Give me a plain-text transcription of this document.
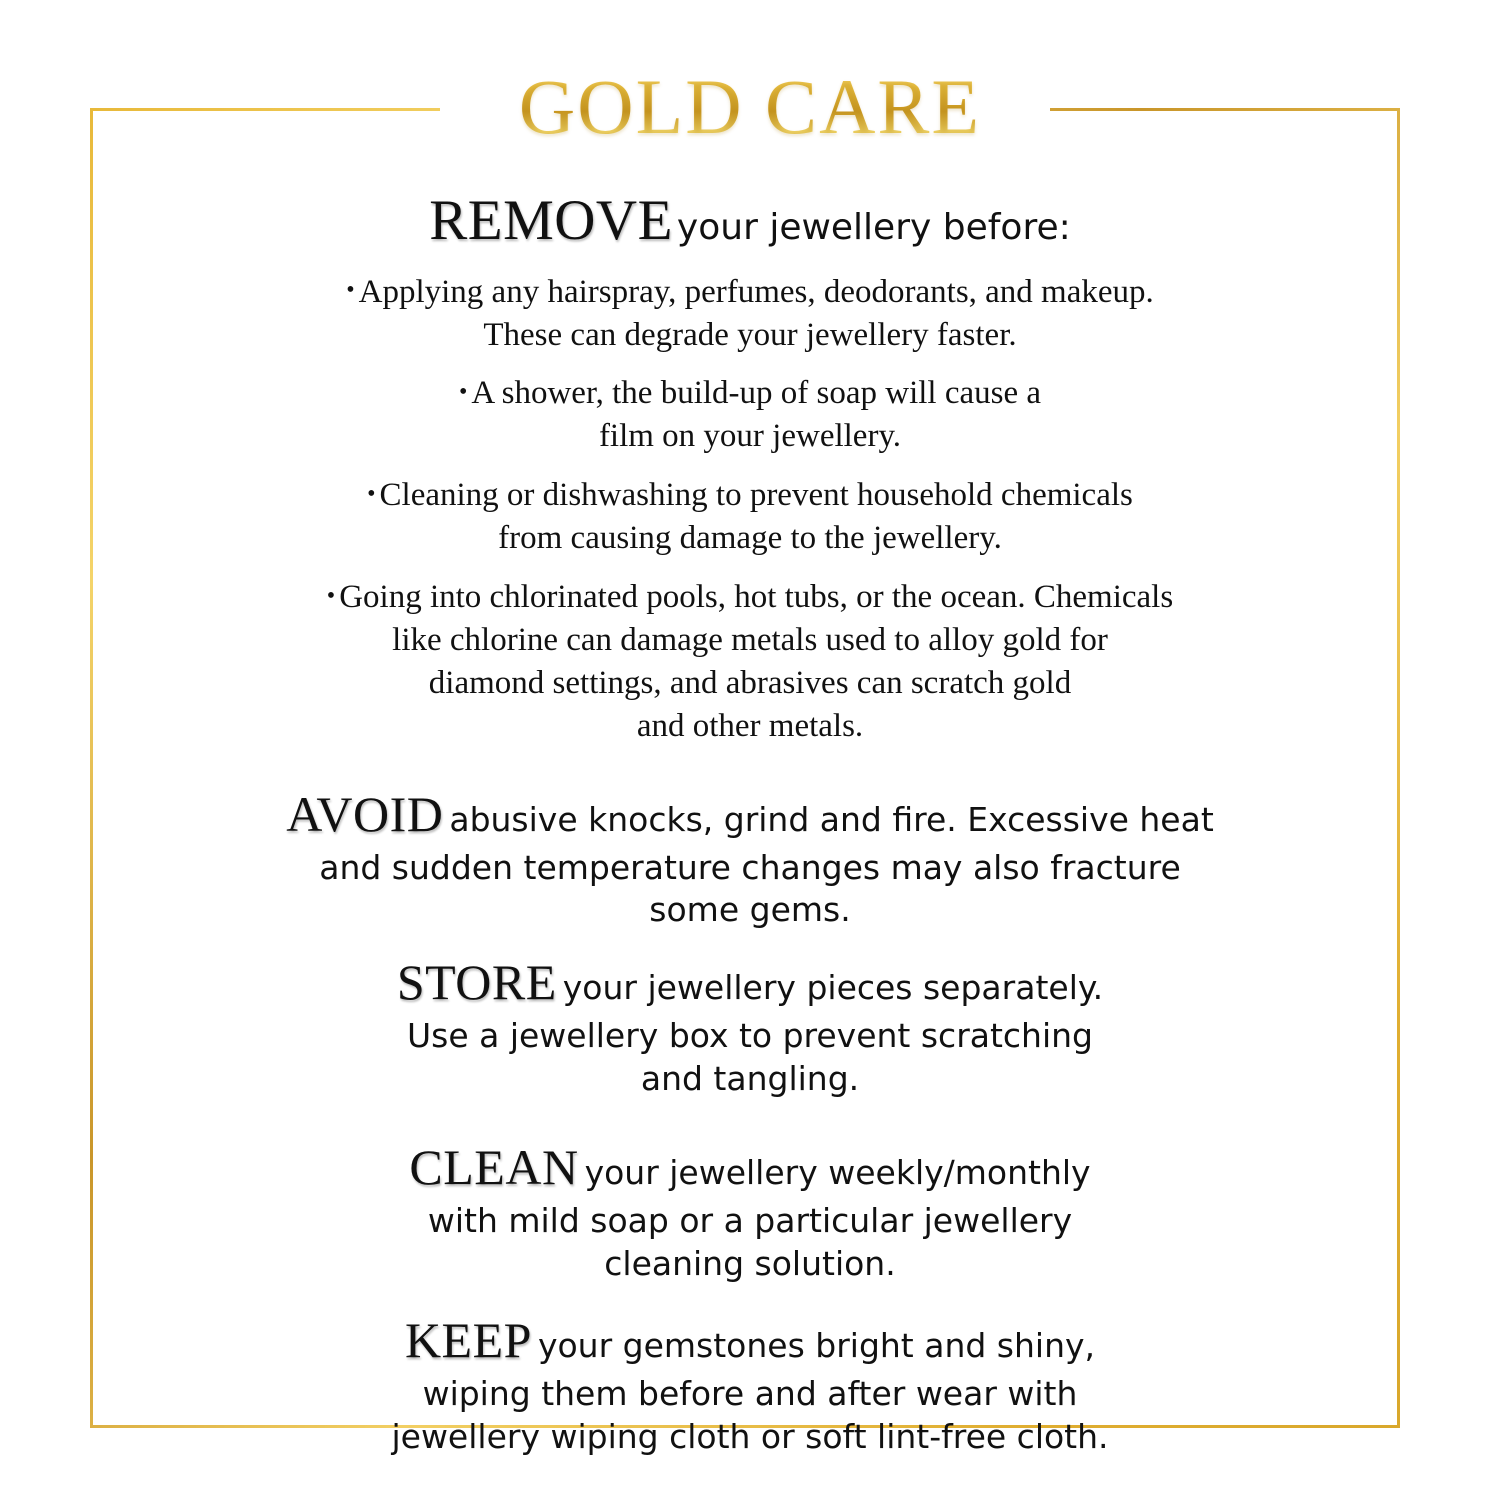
GOLD CARE
REMOVE your jewellery before:
• Applying any hairspray, perfumes, deodorants, and makeup.
These can degrade your jewellery faster.
• A shower, the build-up of soap will cause a
film on your jewellery.
• Cleaning or dishwashing to prevent household chemicals
from causing damage to the jewellery.
• Going into chlorinated pools, hot tubs, or the ocean. Chemicals
like chlorine can damage metals used to alloy gold for
diamond settings, and abrasives can scratch gold
and other metals.
AVOID abusive knocks, grind and fire. Excessive heat
and sudden temperature changes may also fracture
some gems.
STORE your jewellery pieces separately.
Use a jewellery box to prevent scratching
and tangling.
CLEAN your jewellery weekly/monthly
with mild soap or a particular jewellery
cleaning solution.
KEEP your gemstones bright and shiny,
wiping them before and after wear with
jewellery wiping cloth or soft lint-free cloth.
